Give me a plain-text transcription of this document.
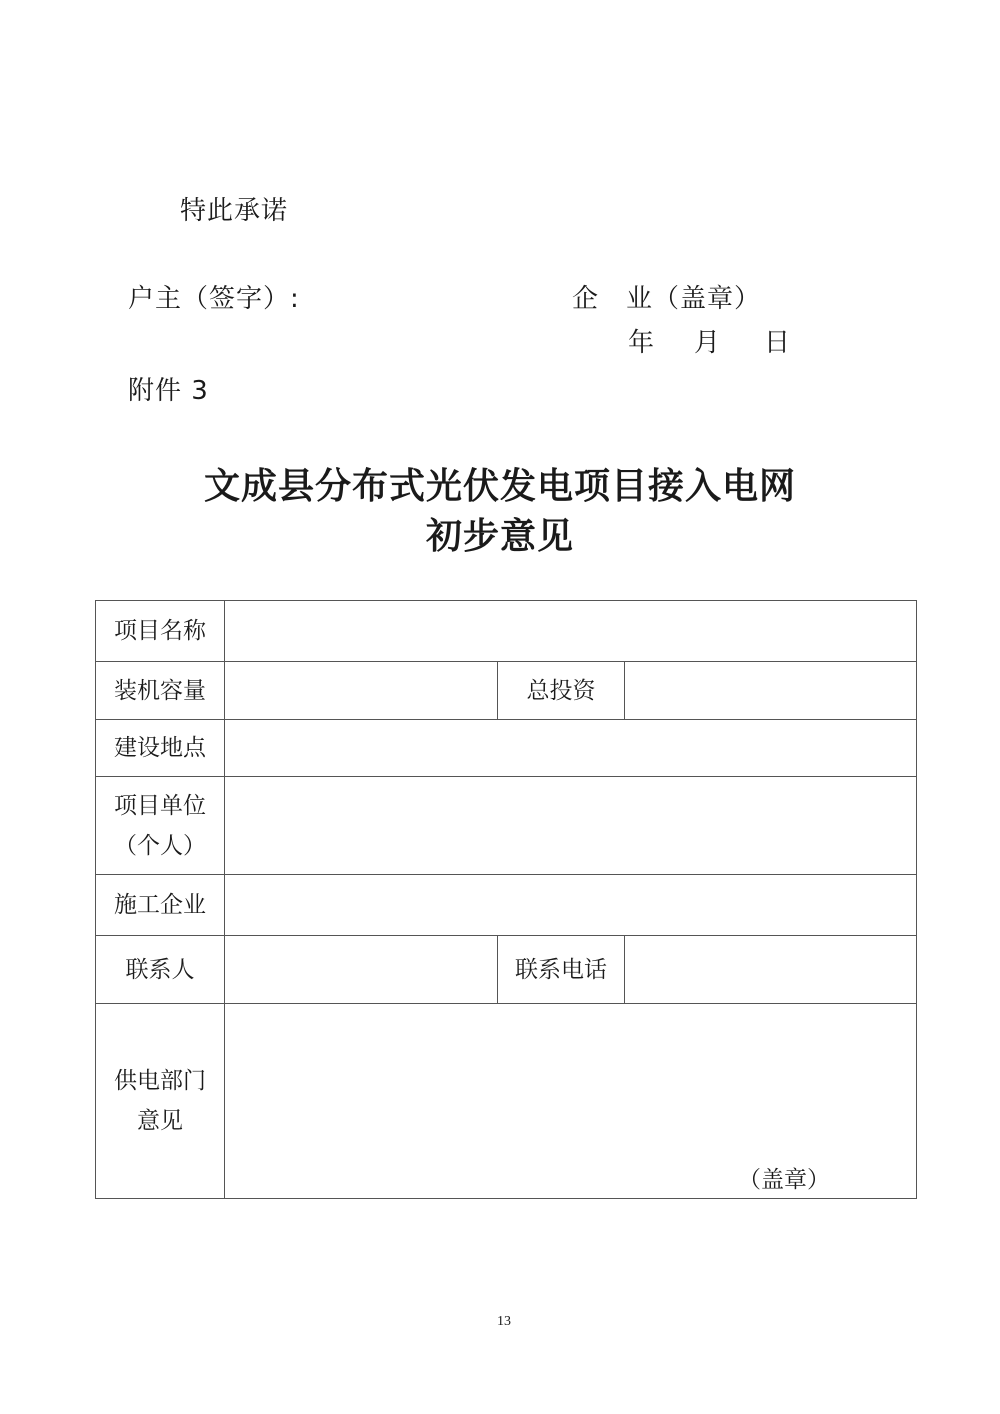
特此承诺
户主（签字）:	企　业（盖章）
年 月 日
附件 3
文成县分布式光伏发电项目接入电网
初步意见
项目名称			
装机容量		总投资	
建设地点			

项目单位
（个人）			

施工企业			
联系人		联系电话	

供电部门
意见	（盖章）		
13
